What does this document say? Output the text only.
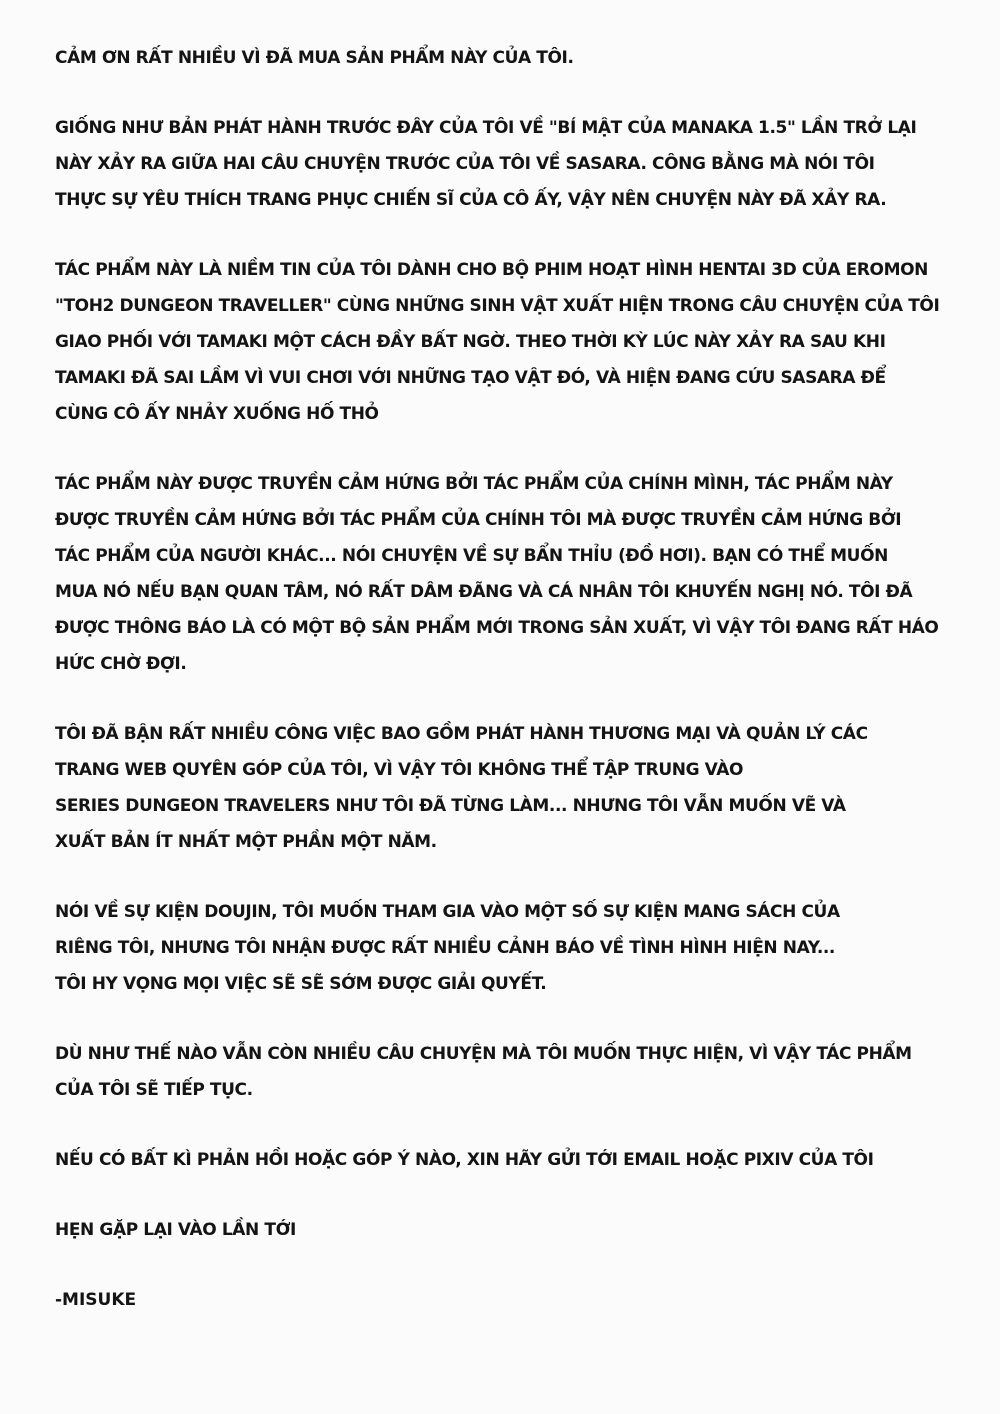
CẢM ƠN RẤT NHIỀU VÌ ĐÃ MUA SẢN PHẨM NÀY CỦA TÔI.
GIỐNG NHƯ BẢN PHÁT HÀNH TRƯỚC ĐÂY CỦA TÔI VỀ "BÍ MẬT CỦA MANAKA 1.5" LẦN TRỞ LẠI
NÀY XẢY RA GIỮA HAI CÂU CHUYỆN TRƯỚC CỦA TÔI VỀ SASARA. CÔNG BẰNG MÀ NÓI TÔI
THỰC SỰ YÊU THÍCH TRANG PHỤC CHIẾN SĨ CỦA CÔ ẤY, VẬY NÊN CHUYỆN NÀY ĐÃ XẢY RA.
TÁC PHẨM NÀY LÀ NIỀM TIN CỦA TÔI DÀNH CHO BỘ PHIM HOẠT HÌNH HENTAI 3D CỦA EROMON
"TOH2 DUNGEON TRAVELLER" CÙNG NHỮNG SINH VẬT XUẤT HIỆN TRONG CÂU CHUYỆN CỦA TÔI
GIAO PHỐI VỚI TAMAKI MỘT CÁCH ĐẦY BẤT NGỜ. THEO THỜI KỲ LÚC NÀY XẢY RA SAU KHI
TAMAKI ĐÃ SAI LẦM VÌ VUI CHƠI VỚI NHỮNG TẠO VẬT ĐÓ, VÀ HIỆN ĐANG CỨU SASARA ĐỂ
CÙNG CÔ ẤY NHẢY XUỐNG HỐ THỎ
TÁC PHẨM NÀY ĐƯỢC TRUYỀN CẢM HỨNG BỞI TÁC PHẨM CỦA CHÍNH MÌNH, TÁC PHẨM NÀY
ĐƯỢC TRUYỀN CẢM HỨNG BỞI TÁC PHẨM CỦA CHÍNH TÔI MÀ ĐƯỢC TRUYỀN CẢM HỨNG BỞI
TÁC PHẨM CỦA NGƯỜI KHÁC... NÓI CHUYỆN VỀ SỰ BẨN THỈU (ĐỒ HƠI). BẠN CÓ THỂ MUỐN
MUA NÓ NẾU BẠN QUAN TÂM, NÓ RẤT DÂM ĐÃNG VÀ CÁ NHÂN TÔI KHUYẾN NGHỊ NÓ. TÔI ĐÃ
ĐƯỢC THÔNG BÁO LÀ CÓ MỘT BỘ SẢN PHẨM MỚI TRONG SẢN XUẤT, VÌ VẬY TÔI ĐANG RẤT HÁO
HỨC CHỜ ĐỢI.
TÔI ĐÃ BẬN RẤT NHIỀU CÔNG VIỆC BAO GỒM PHÁT HÀNH THƯƠNG MẠI VÀ QUẢN LÝ CÁC
TRANG WEB QUYÊN GÓP CỦA TÔI, VÌ VẬY TÔI KHÔNG THỂ TẬP TRUNG VÀO
SERIES DUNGEON TRAVELERS NHƯ TÔI ĐÃ TỪNG LÀM... NHƯNG TÔI VẪN MUỐN VẼ VÀ
XUẤT BẢN ÍT NHẤT MỘT PHẦN MỘT NĂM.
NÓI VỀ SỰ KIỆN DOUJIN, TÔI MUỐN THAM GIA VÀO MỘT SỐ SỰ KIỆN MANG SÁCH CỦA
RIÊNG TÔI, NHƯNG TÔI NHẬN ĐƯỢC RẤT NHIỀU CẢNH BÁO VỀ TÌNH HÌNH HIỆN NAY...
TÔI HY VỌNG MỌI VIỆC SẼ SẼ SỚM ĐƯỢC GIẢI QUYẾT.
DÙ NHƯ THẾ NÀO VẪN CÒN NHIỀU CÂU CHUYỆN MÀ TÔI MUỐN THỰC HIỆN, VÌ VẬY TÁC PHẨM
CỦA TÔI SẼ TIẾP TỤC.
NẾU CÓ BẤT KÌ PHẢN HỒI HOẶC GÓP Ý NÀO, XIN HÃY GỬI TỚI EMAIL HOẶC PIXIV CỦA TÔI
HẸN GẶP LẠI VÀO LẦN TỚI
-MISUKE
